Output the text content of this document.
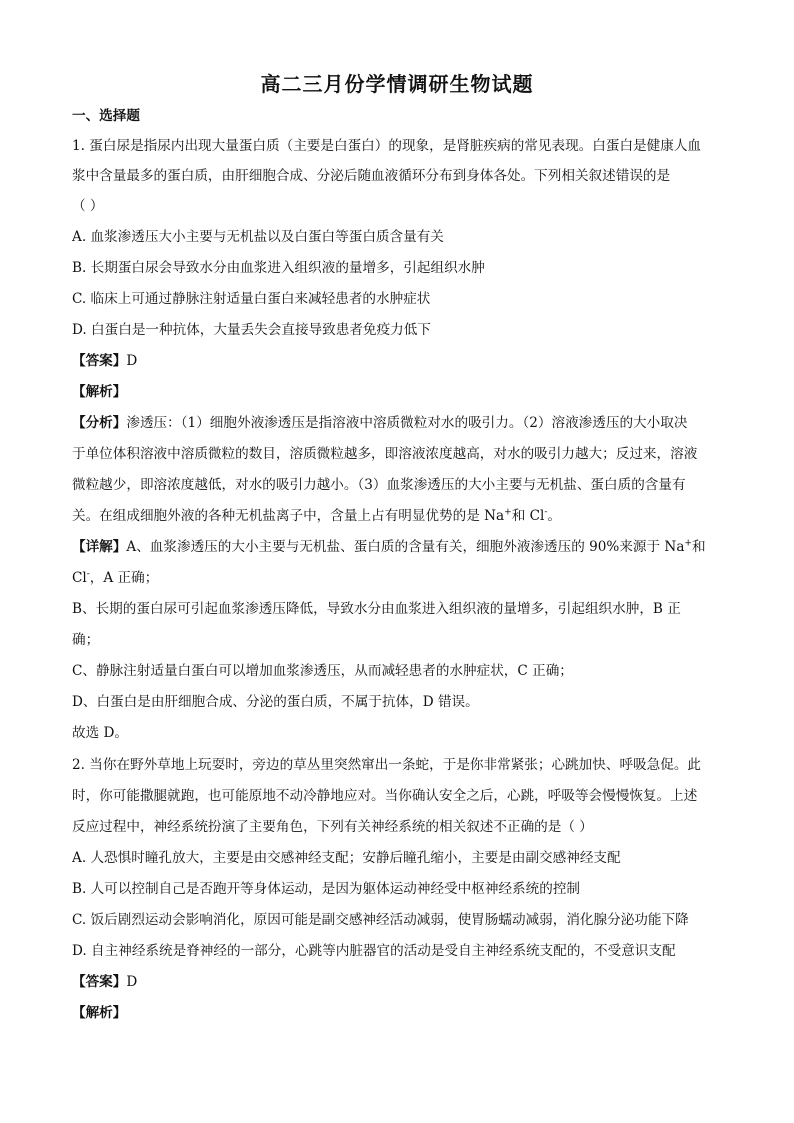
高二三月份学情调研生物试题
一、选择题
1. 蛋白尿是指尿内出现大量蛋白质（主要是白蛋白）的现象，是肾脏疾病的常见表现。白蛋白是健康人血
浆中含量最多的蛋白质，由肝细胞合成、分泌后随血液循环分布到身体各处。下列相关叙述错误的是
（ ）
A. 血浆渗透压大小主要与无机盐以及白蛋白等蛋白质含量有关
B. 长期蛋白尿会导致水分由血浆进入组织液的量增多，引起组织水肿
C. 临床上可通过静脉注射适量白蛋白来减轻患者的水肿症状
D. 白蛋白是一种抗体，大量丢失会直接导致患者免疫力低下
【答案】D
【解析】
【分析】渗透压：（1）细胞外液渗透压是指溶液中溶质微粒对水的吸引力。（2）溶液渗透压的大小取决
于单位体积溶液中溶质微粒的数目，溶质微粒越多，即溶液浓度越高，对水的吸引力越大；反过来，溶液
微粒越少，即溶浓度越低，对水的吸引力越小。（3）血浆渗透压的大小主要与无机盐、蛋白质的含量有
关。在组成细胞外液的各种无机盐离子中，含量上占有明显优势的是 Na+和 Cl-。
【详解】A、血浆渗透压的大小主要与无机盐、蛋白质的含量有关，细胞外液渗透压的 90%来源于 Na+和
Cl-，A 正确；
B、长期的蛋白尿可引起血浆渗透压降低，导致水分由血浆进入组织液的量增多，引起组织水肿，B 正
确；
C、静脉注射适量白蛋白可以增加血浆渗透压，从而减轻患者的水肿症状，C 正确；
D、白蛋白是由肝细胞合成、分泌的蛋白质，不属于抗体，D 错误。
故选 D。
2. 当你在野外草地上玩耍时，旁边的草丛里突然窜出一条蛇，于是你非常紧张；心跳加快、呼吸急促。此
时，你可能撒腿就跑，也可能原地不动冷静地应对。当你确认安全之后，心跳，呼吸等会慢慢恢复。上述
反应过程中，神经系统扮演了主要角色，下列有关神经系统的相关叙述不正确的是（ ）
A. 人恐惧时瞳孔放大，主要是由交感神经支配；安静后瞳孔缩小，主要是由副交感神经支配
B. 人可以控制自己是否跑开等身体运动，是因为躯体运动神经受中枢神经系统的控制
C. 饭后剧烈运动会影响消化，原因可能是副交感神经活动减弱，使胃肠蠕动减弱，消化腺分泌功能下降
D. 自主神经系统是脊神经的一部分，心跳等内脏器官的活动是受自主神经系统支配的，不受意识支配
【答案】D
【解析】
